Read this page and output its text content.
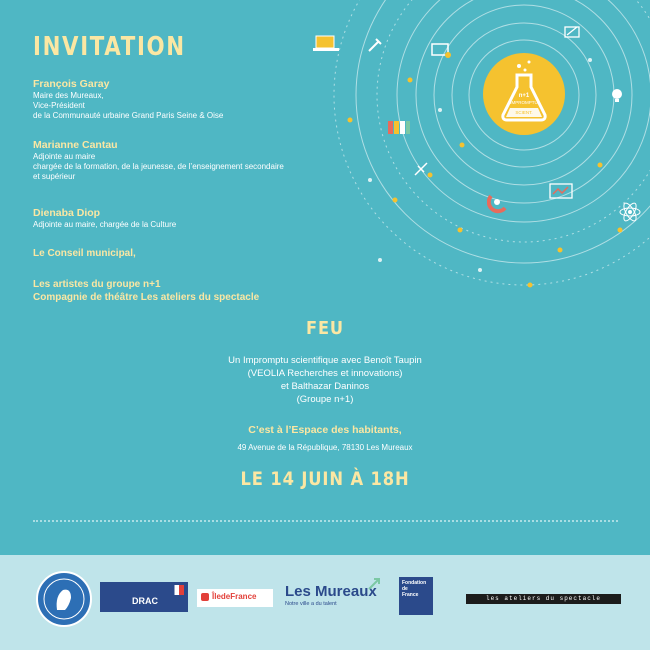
n+1
IMPROMPTU
SCIENT.
INVITATION
François Garay
Maire des Mureaux,
Vice-Président
de la Communauté urbaine Grand Paris Seine & Oise
Marianne Cantau
Adjointe au maire
chargée de la formation, de la jeunesse, de l’enseignement secondaire
et supérieur
Dienaba Diop
Adjointe au maire, chargée de la Culture
Le Conseil municipal,
Les artistes du groupe n+1
Compagnie de théâtre Les ateliers du spectacle
FEU
Un Impromptu scientifique avec Benoît Taupin
(VEOLIA Recherches et innovations)
et Balthazar Daninos
(Groupe n+1)
C’est à l’Espace des habitants,
49 Avenue de la République, 78130 Les Mureaux
LE 14 JUIN À 18H
DRAC	ÎledeFrance Les Mureaux
Notre ville a du talent
Fondation
de
France	les ateliers du spectacle
